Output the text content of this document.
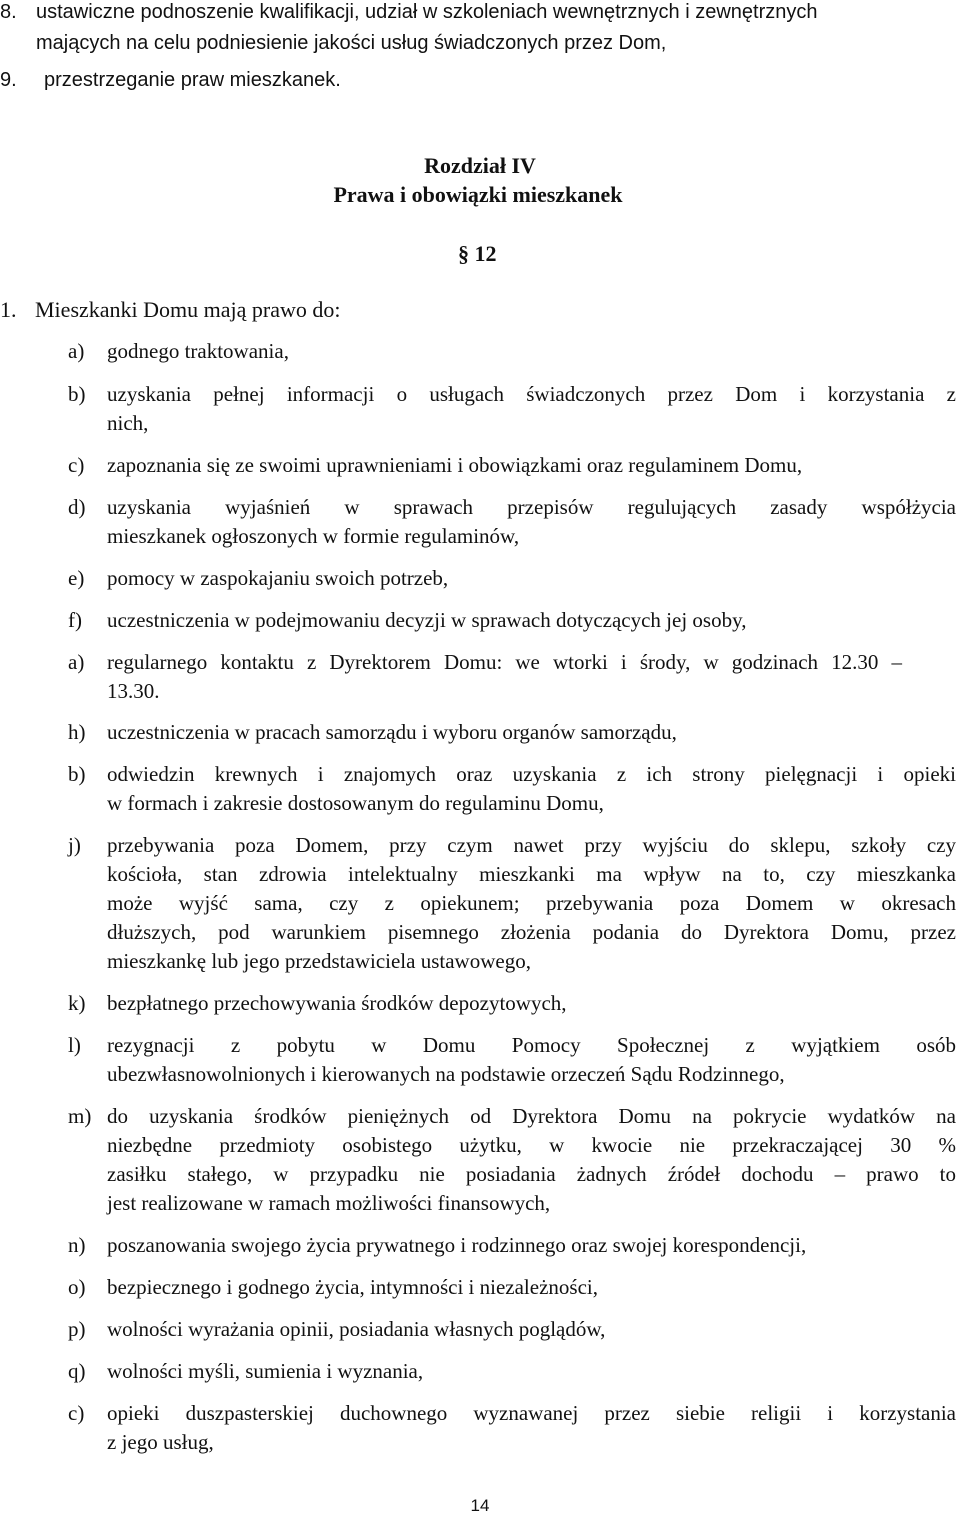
8. ustawiczne podnoszenie kwalifikacji, udział w szkoleniach wewnętrznych i zewnętrznych
mających na celu podniesienie jakości usług świadczonych przez Dom,
9. przestrzeganie praw mieszkanek.
Rozdział IV
Prawa i obowiązki mieszkanek
§ 12
1. Mieszkanki Domu mają prawo do:
a) godnego traktowania,
b) uzyskania pełnej informacji o usługach świadczonych przez Dom i korzystania z
nich,
c) zapoznania się ze swoimi uprawnieniami i obowiązkami oraz regulaminem Domu,
d) uzyskania wyjaśnień w sprawach przepisów regulujących zasady współżycia
mieszkanek ogłoszonych w formie regulaminów,
e) pomocy w zaspokajaniu swoich potrzeb,
f) uczestniczenia w podejmowaniu decyzji w sprawach dotyczących jej osoby,
a) regularnego kontaktu z Dyrektorem Domu: we wtorki i środy, w godzinach 12.30 –
13.30.
h) uczestniczenia w pracach samorządu i wyboru organów samorządu,
b) odwiedzin krewnych i znajomych oraz uzyskania z ich strony pielęgnacji i opieki
w formach i zakresie dostosowanym do regulaminu Domu,
j) przebywania poza Domem, przy czym nawet przy wyjściu do sklepu, szkoły czy
kościoła, stan zdrowia intelektualny mieszkanki ma wpływ na to, czy mieszkanka
może wyjść sama, czy z opiekunem; przebywania poza Domem w okresach
dłuższych, pod warunkiem pisemnego złożenia podania do Dyrektora Domu, przez
mieszkankę lub jego przedstawiciela ustawowego,
k) bezpłatnego przechowywania środków depozytowych,
l) rezygnacji z pobytu w Domu Pomocy Społecznej z wyjątkiem osób
ubezwłasnowolnionych i kierowanych na podstawie orzeczeń Sądu Rodzinnego,
m) do uzyskania środków pieniężnych od Dyrektora Domu na pokrycie wydatków na
niezbędne przedmioty osobistego użytku, w kwocie nie przekraczającej 30 %
zasiłku stałego, w przypadku nie posiadania żadnych źródeł dochodu – prawo to
jest realizowane w ramach możliwości finansowych,
n) poszanowania swojego życia prywatnego i rodzinnego oraz swojej korespondencji,
o) bezpiecznego i godnego życia, intymności i niezależności,
p) wolności wyrażania opinii, posiadania własnych poglądów,
q) wolności myśli, sumienia i wyznania,
c) opieki duszpasterskiej duchownego wyznawanej przez siebie religii i korzystania
z jego usług,
14
